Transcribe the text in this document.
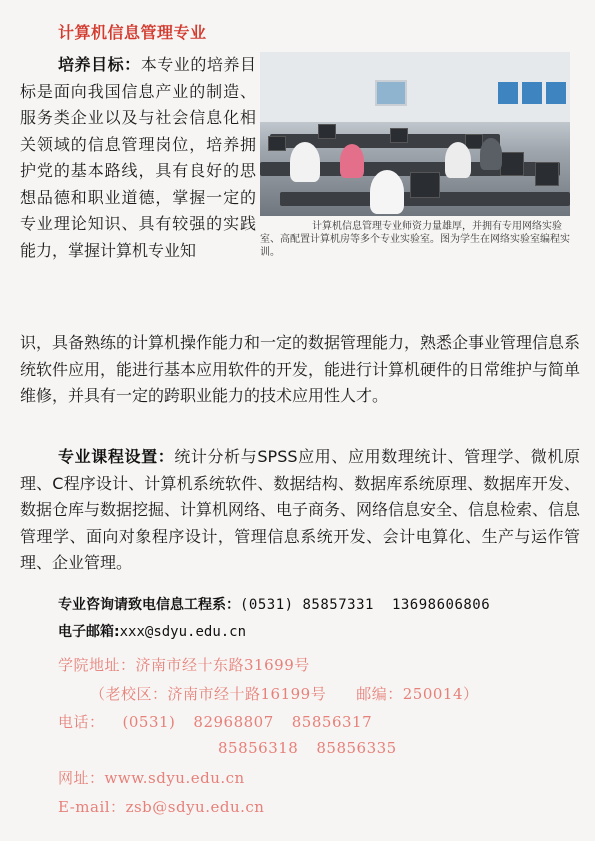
计算机信息管理专业

培养目标：本专业的培养目标是面向我国信息产业的制造、服务类企业以及与社会信息化相关领域的信息管理岗位，培养拥护党的基本路线，具有良好的思想品德和职业道德，掌握一定的专业理论知识、具有较强的实践能力，掌握计算机专业知

计算机信息管理专业师资力量雄厚，并拥有专用网络实验室、高配置计算机房等多个专业实验室。图为学生在网络实验室编程实训。

识，具备熟练的计算机操作能力和一定的数据管理能力，熟悉企事业管理信息系统软件应用，能进行基本应用软件的开发，能进行计算机硬件的日常维护与简单维修，并具有一定的跨职业能力的技术应用性人才。

专业课程设置：统计分析与SPSS应用、应用数理统计、管理学、微机原理、C程序设计、计算机系统软件、数据结构、数据库系统原理、数据库开发、数据仓库与数据挖掘、计算机网络、电子商务、网络信息安全、信息检索、信息管理学、面向对象程序设计，管理信息系统开发、会计电算化、生产与运作管理、企业管理。

专业咨询请致电信息工程系：(0531) 85857331 13698606806
电子邮箱:xxx@sdyu.edu.cn
学院地址：济南市经十东路31699号
（老校区：济南市经十路16199号 邮编：250014）
电话： (0531) 82968807 85856317
85856318 85856335
网址：www.sdyu.edu.cn
E-mail：zsb@sdyu.edu.cn
